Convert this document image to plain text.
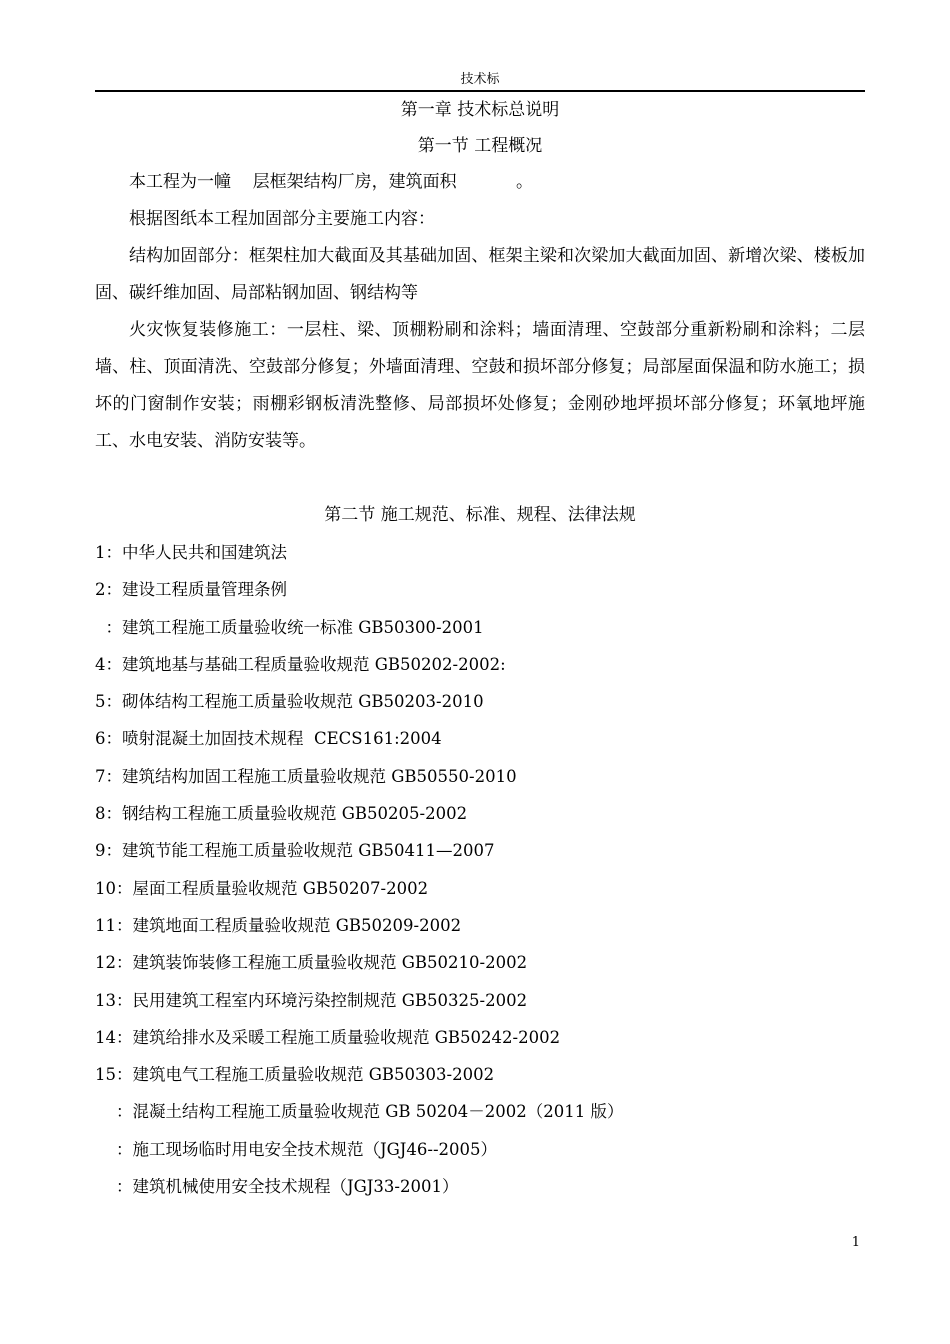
技术标
第一章 技术标总说明
第一节 工程概况

本工程为一幢    层框架结构厂房，建筑面积           。

根据图纸本工程加固部分主要施工内容：

结构加固部分：框架柱加大截面及其基础加固、框架主梁和次梁加大截面加固、新增次梁、楼板加固、碳纤维加固、局部粘钢加固、钢结构等

火灾恢复装修施工：一层柱、梁、顶棚粉刷和涂料；墙面清理、空鼓部分重新粉刷和涂料；二层墙、柱、顶面清洗、空鼓部分修复；外墙面清理、空鼓和损坏部分修复；局部屋面保温和防水施工；损坏的门窗制作安装；雨棚彩钢板清洗整修、局部损坏处修复；金刚砂地坪损坏部分修复；环氧地坪施工、水电安装、消防安装等。

第二节 施工规范、标准、规程、法律法规
1：中华人民共和国建筑法
2：建设工程质量管理条例
：建筑工程施工质量验收统一标准 GB50300-2001
4：建筑地基与基础工程质量验收规范 GB50202-2002:
5：砌体结构工程施工质量验收规范 GB50203-2010
6：喷射混凝土加固技术规程  CECS161:2004
7：建筑结构加固工程施工质量验收规范 GB50550-2010
8：钢结构工程施工质量验收规范 GB50205-2002
9：建筑节能工程施工质量验收规范 GB50411—2007
10：屋面工程质量验收规范 GB50207-2002
11：建筑地面工程质量验收规范 GB50209-2002
12：建筑装饰装修工程施工质量验收规范 GB50210-2002
13：民用建筑工程室内环境污染控制规范 GB50325-2002
14：建筑给排水及采暖工程施工质量验收规范 GB50242-2002
15：建筑电气工程施工质量验收规范 GB50303-2002
：混凝土结构工程施工质量验收规范 GB 50204－2002（2011 版）
：施工现场临时用电安全技术规范（JGJ46--2005）
：建筑机械使用安全技术规程（JGJ33-2001）
1
